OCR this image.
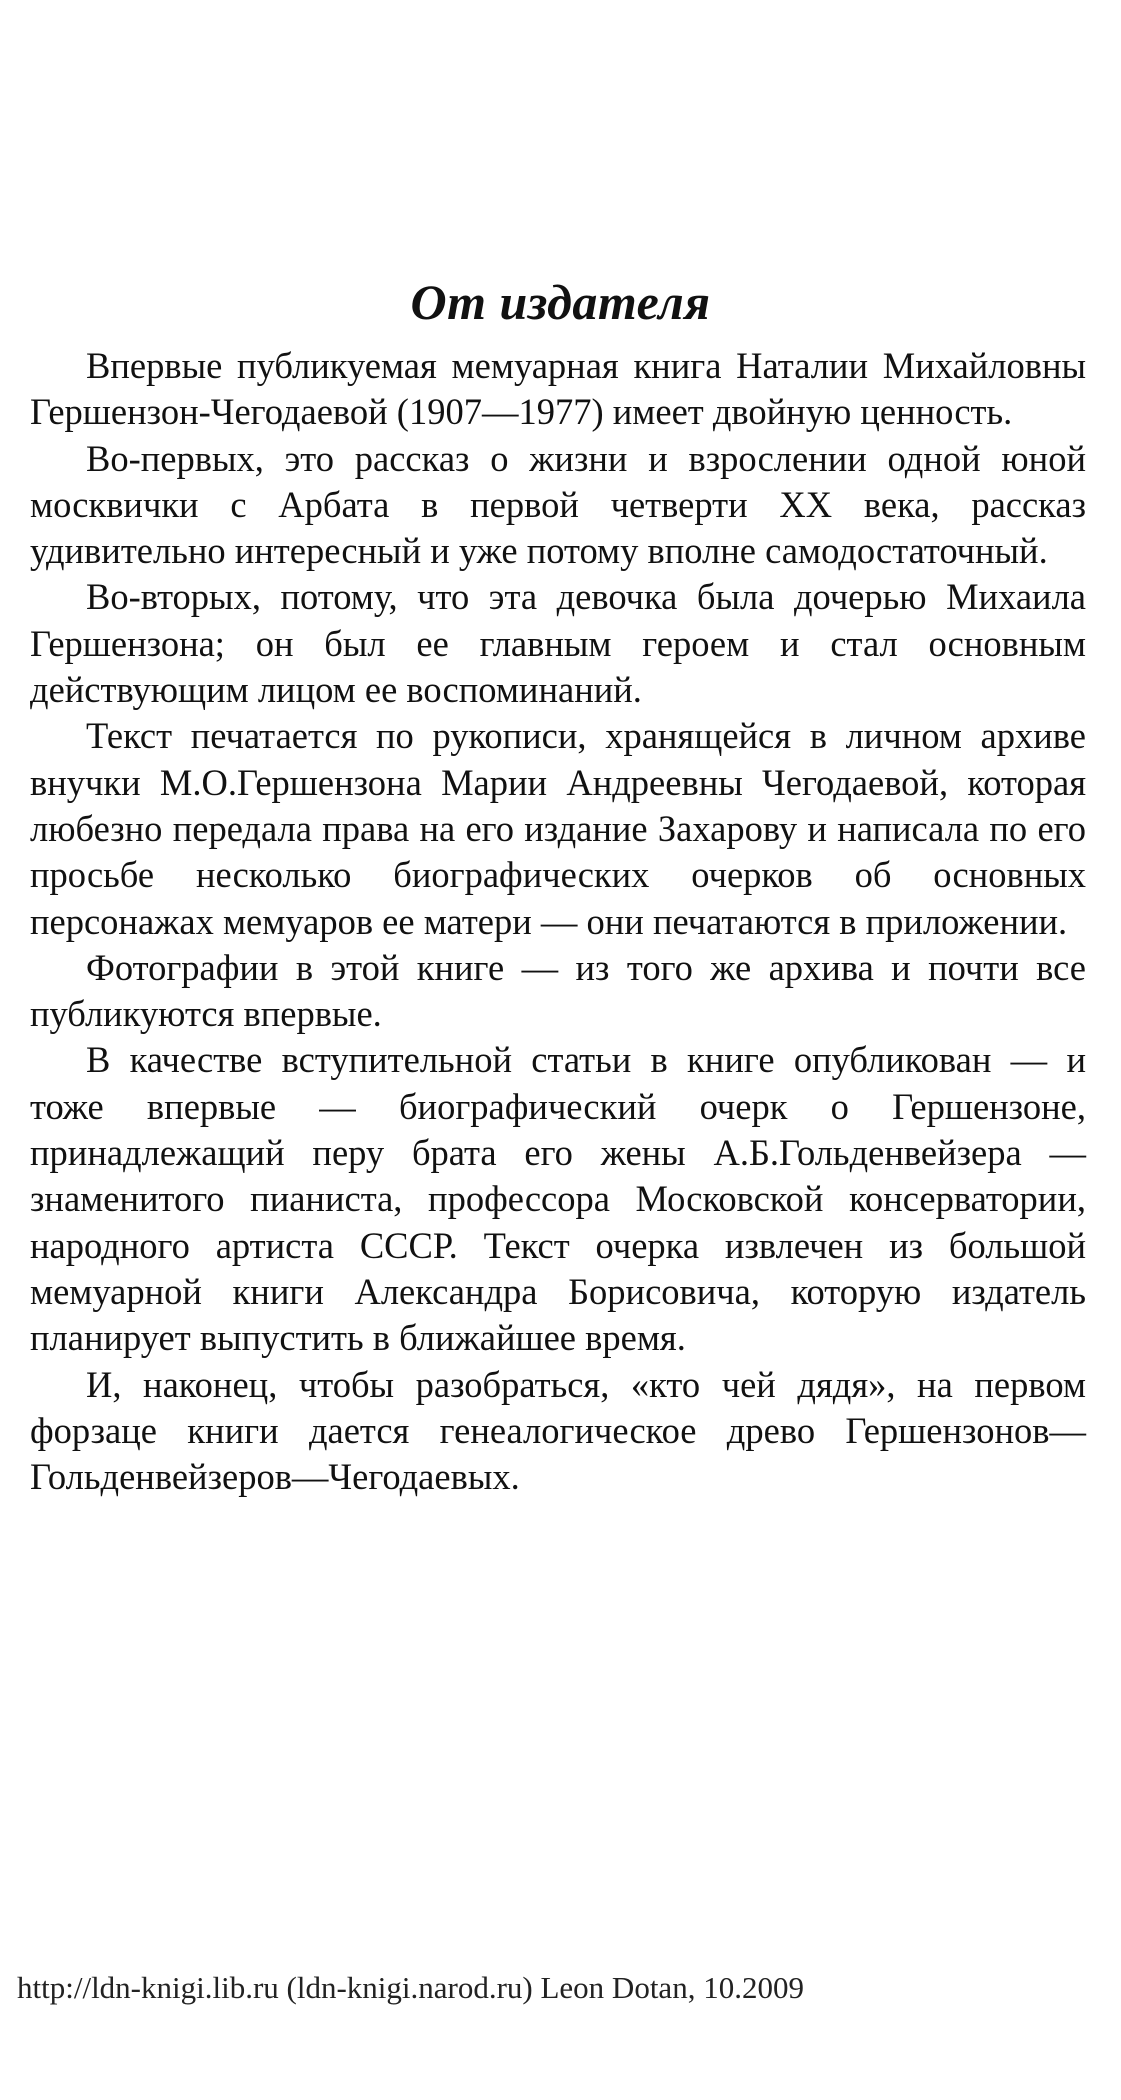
От издателя

Впервые публикуемая мемуарная книга Наталии Михайловны Гершензон-Чегодаевой (1907—1977) имеет двойную ценность.

Во-первых, это рассказ о жизни и взрослении одной юной москвички с Арбата в первой четверти XX века, рассказ удивительно интересный и уже потому вполне самодостаточный.

Во-вторых, потому, что эта девочка была дочерью Михаила Гершензона; он был ее главным героем и стал основным действующим лицом ее воспоминаний.

Текст печатается по рукописи, хранящейся в личном архиве внучки М.О.Гершензона Марии Андреевны Чегодаевой, которая любезно передала права на его издание Захарову и написала по его просьбе несколько биографических очерков об основных персонажах мемуаров ее матери — они печатаются в приложении.

Фотографии в этой книге — из того же архива и почти все публикуются впервые.

В качестве вступительной статьи в книге опубликован — и тоже впервые — биографический очерк о Гершензоне, принадлежащий перу брата его жены А.Б.Гольденвейзера — знаменитого пианиста, профессора Московской консерватории, народного артиста СССР. Текст очерка извлечен из большой мемуарной книги Александра Борисовича, которую издатель планирует выпустить в ближайшее время.

И, наконец, чтобы разобраться, «кто чей дядя», на первом форзаце книги дается генеалогическое древо Гершензонов—Гольденвейзеров—Чегодаевых.

http://ldn-knigi.lib.ru (ldn-knigi.narod.ru) Leon Dotan, 10.2009
